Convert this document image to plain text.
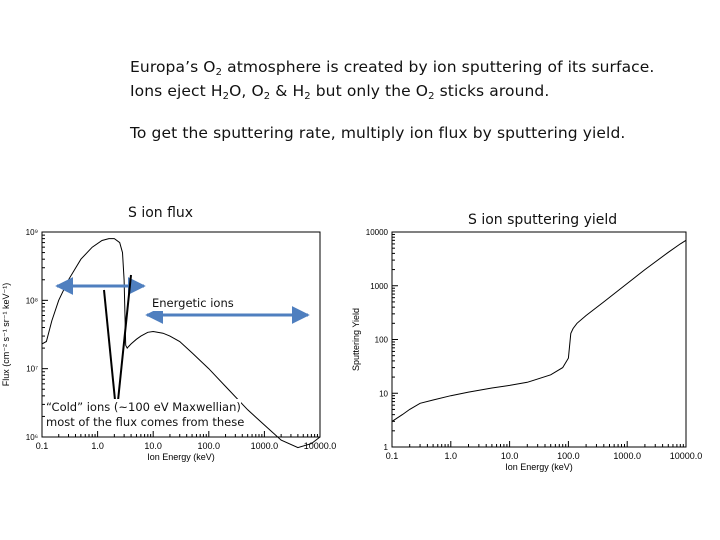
Europa’s $O_2$ atmosphere is created by ion sputtering of its surface.

Ions eject $H_2O$, $O_2$ & $H_2$ but only the $O_2$ sticks around.

To get the sputtering rate, multiply ion flux by sputtering yield.

S ion flux	S ion sputtering yield
0.1	1.0	10.0	100.0	1000.0	10000.0
10⁶
10⁷
10⁸
10⁹
Ion Energy (keV)
Flux (cm⁻² s⁻¹ sr⁻¹ keV⁻¹)
0.1	1.0	10.0	100.0	1000.0	10000.0
1
10
100
1000
10000
Ion Energy (keV)
Sputtering Yield
Energetic ions
“Cold” ions (~100 eV Maxwellian)
most of the flux comes from these
